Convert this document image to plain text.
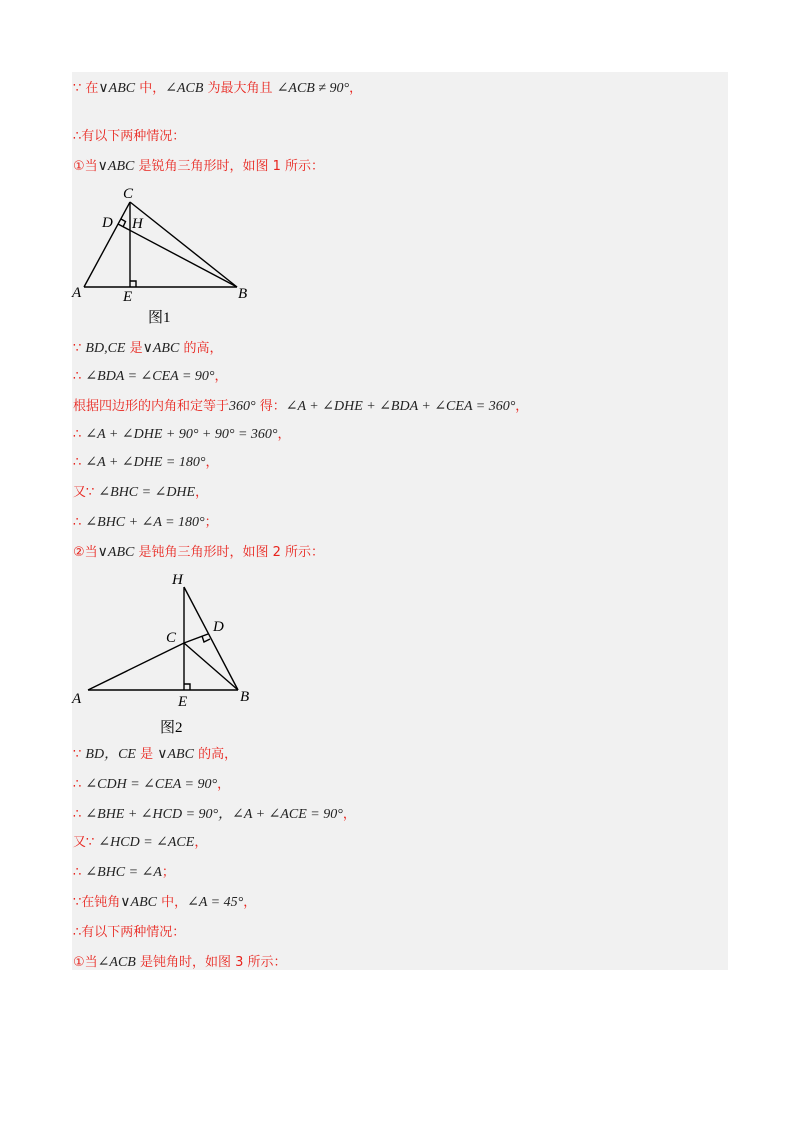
∵ 在∨ABC 中，∠ACB 为最大角且 ∠ACB ≠ 90°，
∴有以下两种情况：
①当∨ABC 是锐角三角形时，如图 1 所示：
∵ BD,CE 是∨ABC 的高，
∴ ∠BDA = ∠CEA = 90°，
根据四边形的内角和定等于360° 得：∠A + ∠DHE + ∠BDA + ∠CEA = 360°，
∴ ∠A + ∠DHE + 90° + 90° = 360°，
∴ ∠A + ∠DHE = 180°，
又∵ ∠BHC = ∠DHE，
∴ ∠BHC + ∠A = 180°；
②当∨ABC 是钝角三角形时，如图 2 所示：
∵ BD，CE 是 ∨ABC 的高，
∴ ∠CDH = ∠CEA = 90°，
∴ ∠BHE + ∠HCD = 90°，∠A + ∠ACE = 90°，
又∵ ∠HCD = ∠ACE，
∴ ∠BHC = ∠A；
∵在钝角∨ABC 中，∠A = 45°，
∴有以下两种情况：
①当∠ACB 是钝角时，如图 3 所示：
C
D H
A	E	B
图1
H
C
D
A	E	B
图2
